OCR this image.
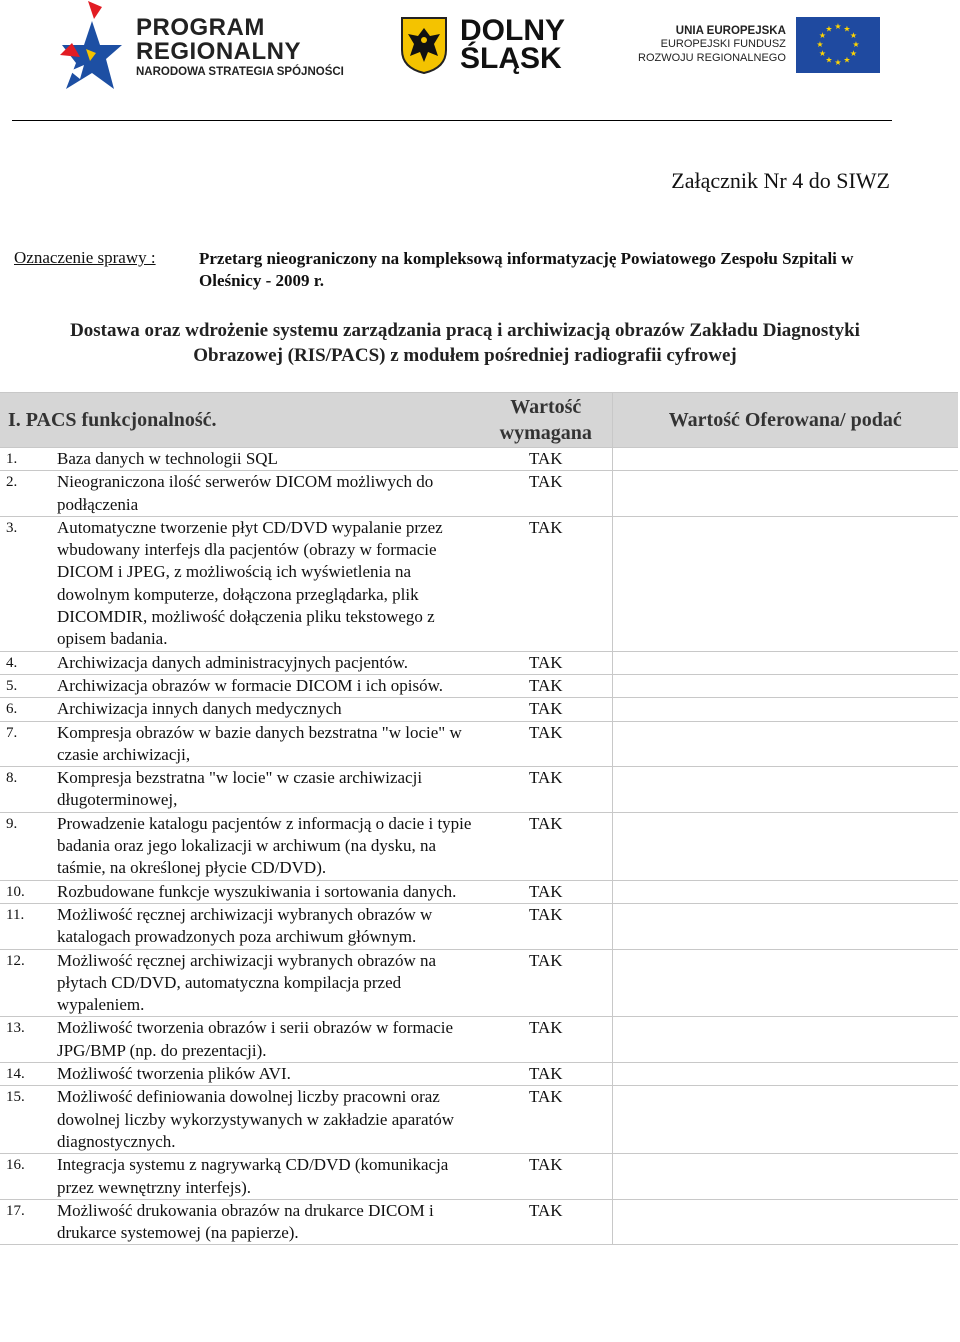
PROGRAM
REGIONALNY
NARODOWA STRATEGIA SPÓJNOŚCI
DOLNY
ŚLĄSK
UNIA EUROPEJSKA
EUROPEJSKI FUNDUSZ
ROZWOJU REGIONALNEGO
★ ★
★
★
★
★
★
★
★
★
★
★
Załącznik Nr 4 do SIWZ
Oznaczenie sprawy :	Przetarg nieograniczony na kompleksową informatyzację Powiatowego Zespołu Szpitali w Oleśnicy - 2009 r.
Dostawa oraz wdrożenie systemu zarządzania pracą i archiwizacją obrazów Zakładu Diagnostyki Obrazowej (RIS/PACS) z modułem pośredniej radiografii cyfrowej
I. PACS funkcjonalność.		Wartość wymagana	Wartość Oferowana/ podać
1.	Baza danych w technologii SQL	TAK	
2.	Nieograniczona ilość serwerów DICOM możliwych do podłączenia	TAK	
3.	Automatyczne tworzenie płyt CD/DVD wypalanie przez wbudowany interfejs dla pacjentów (obrazy w formacie DICOM i JPEG, z możliwością ich wyświetlenia na dowolnym komputerze, dołączona przeglądarka, plik DICOMDIR, możliwość dołączenia pliku tekstowego z opisem badania.	TAK	
4.	Archiwizacja danych administracyjnych pacjentów.	TAK	
5.	Archiwizacja obrazów w formacie DICOM i ich opisów.	TAK	
6.	Archiwizacja innych danych medycznych	TAK	
7.	Kompresja obrazów w bazie danych bezstratna "w locie" w czasie archiwizacji,	TAK	
8.	Kompresja bezstratna "w locie" w czasie archiwizacji długoterminowej,	TAK	
9.	Prowadzenie katalogu pacjentów z informacją o dacie i typie badania oraz jego lokalizacji w archiwum (na dysku, na taśmie, na określonej płycie CD/DVD).	TAK	
10.	Rozbudowane funkcje wyszukiwania i sortowania danych.	TAK	
11.	Możliwość ręcznej archiwizacji wybranych obrazów w katalogach prowadzonych poza archiwum głównym.	TAK	
12.	Możliwość ręcznej archiwizacji wybranych obrazów na płytach CD/DVD, automatyczna kompilacja przed wypaleniem.	TAK	
13.	Możliwość tworzenia obrazów i serii obrazów w formacie JPG/BMP (np. do prezentacji).	TAK	
14.	Możliwość tworzenia plików AVI.	TAK	
15.	Możliwość definiowania dowolnej liczby pracowni oraz dowolnej liczby wykorzystywanych w zakładzie aparatów diagnostycznych.	TAK	
16.	Integracja systemu z nagrywarką CD/DVD (komunikacja przez wewnętrzny interfejs).	TAK	
17.	Możliwość drukowania obrazów na drukarce DICOM i drukarce systemowej (na papierze).	TAK	
